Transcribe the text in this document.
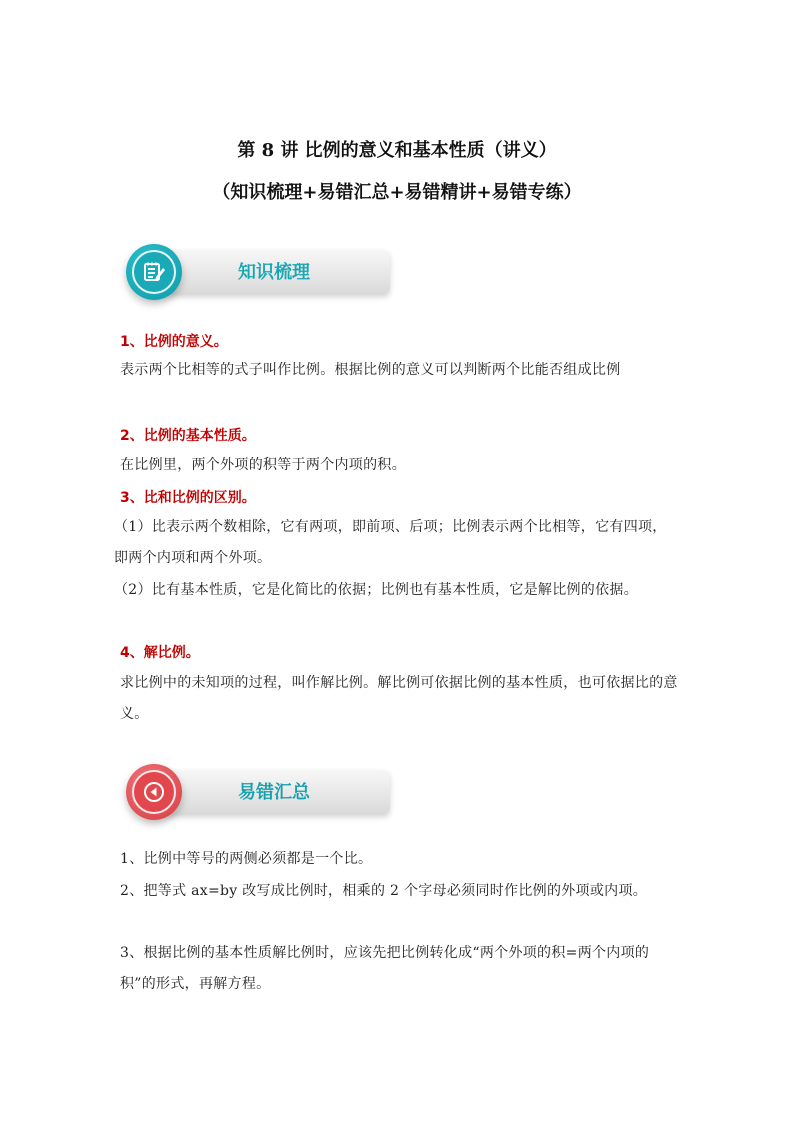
第 8 讲 比例的意义和基本性质（讲义）
（知识梳理+易错汇总+易错精讲+易错专练）
知识梳理
1、比例的意义。
表示两个比相等的式子叫作比例。根据比例的意义可以判断两个比能否组成比例
2、比例的基本性质。
在比例里，两个外项的积等于两个内项的积。
3、比和比例的区别。
（1）比表示两个数相除，它有两项，即前项、后项；比例表示两个比相等，它有四项，即两个内项和两个外项。
（2）比有基本性质，它是化简比的依据；比例也有基本性质，它是解比例的依据。
4、解比例。
求比例中的未知项的过程，叫作解比例。解比例可依据比例的基本性质，也可依据比的意义。
易错汇总
1、比例中等号的两侧必须都是一个比。
2、把等式 ax=by 改写成比例时，相乘的 2 个字母必须同时作比例的外项或内项。
3、根据比例的基本性质解比例时，应该先把比例转化成“两个外项的积=两个内项的积”的形式，再解方程。
